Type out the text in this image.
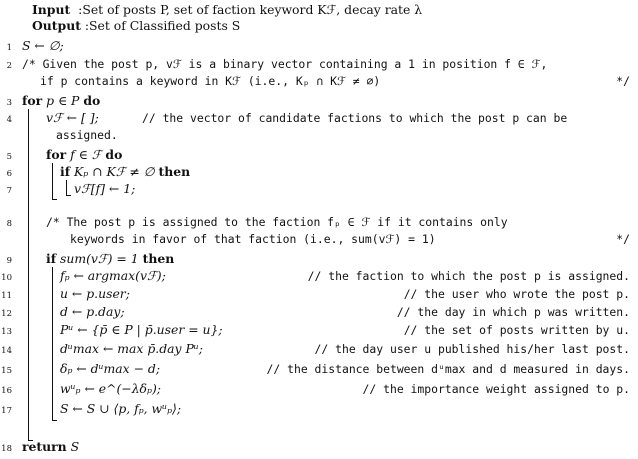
Input :Set of posts P, set of faction keyword Kℱ, decay rate λ
Output :Set of Classified posts S
1 S ← ∅;
2 /* Given the post p, vℱ is a binary vector containing a 1 in position f ∈ ℱ,
if p contains a keyword in Kℱ (i.e., Kₚ ∩ Kℱ ≠ ∅)	*/
3 for p ∈ P do
4	vℱ ← [ ];	// the vector of candidate factions to which the post p can be
assigned.
5	for f ∈ ℱ do
6	if Kₚ ∩ Kℱ ≠ ∅ then
7	vℱ[f] ← 1;
8	/* The post p is assigned to the faction fₚ ∈ ℱ if it contains only
keywords in favor of that faction (i.e., sum(vℱ) = 1)	*/
9	if sum(vℱ) = 1 then
10	fₚ ← argmax(vℱ);	// the faction to which the post p is assigned.
11	u ← p.user;	// the user who wrote the post p.
12	d ← p.day;	// the day in which p was written.
13	Pᵘ ← {p̄ ∈ P | p̄.user = u};	// the set of posts written by u.
14	dᵘmax ← max p̄.day Pᵘ;	// the day user u published his/her last post.
15	δₚ ← dᵘmax − d;	// the distance between dᵘmax and d measured in days.
16	wᵘₚ ← e^(−λδₚ);	// the importance weight assigned to p.
17	S ← S ∪ ⟨p, fₚ, wᵘₚ⟩;
18 return S
